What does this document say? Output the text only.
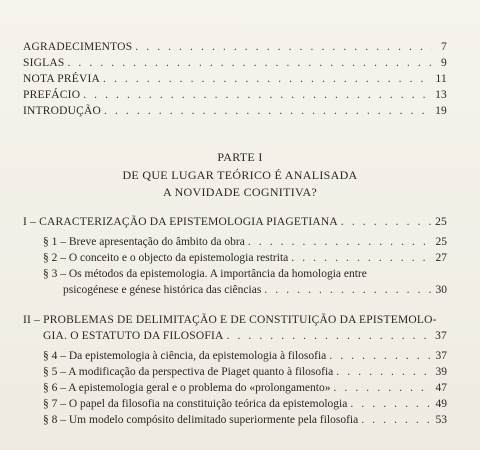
AGRADECIMENTOS . . .	7
SIGLAS . . .	9
NOTA PRÉVIA . . .	11
PREFÁCIO . . .	13
INTRODUÇÃO . . .	19
PARTE I
DE QUE LUGAR TEÓRICO É ANALISADA
A NOVIDADE COGNITIVA?
I – CARACTERIZAÇÃO DA EPISTEMOLOGIA PIAGETIANA . . .	25
§ 1 – Breve apresentação do âmbito da obra . . .	25
§ 2 – O conceito e o objecto da epistemologia restrita . . .	27
§ 3 – Os métodos da epistemologia. A importância da homologia entre
psicogénese e génese histórica das ciências . . .	30
II – PROBLEMAS DE DELIMITAÇÃO E DE CONSTITUIÇÃO DA EPISTEMOLO-
GIA. O ESTATUTO DA FILOSOFIA . . .	37
§ 4 – Da epistemologia à ciência, da epistemologia à filosofia . . .	37
§ 5 – A modificação da perspectiva de Piaget quanto à filosofia . . .	39
§ 6 – A epistemologia geral e o problema do «prolongamento» . . .	47
§ 7 – O papel da filosofia na constituição teórica da epistemologia . . .	49
§ 8 – Um modelo compósito delimitado superiormente pela filosofia . . .	53
